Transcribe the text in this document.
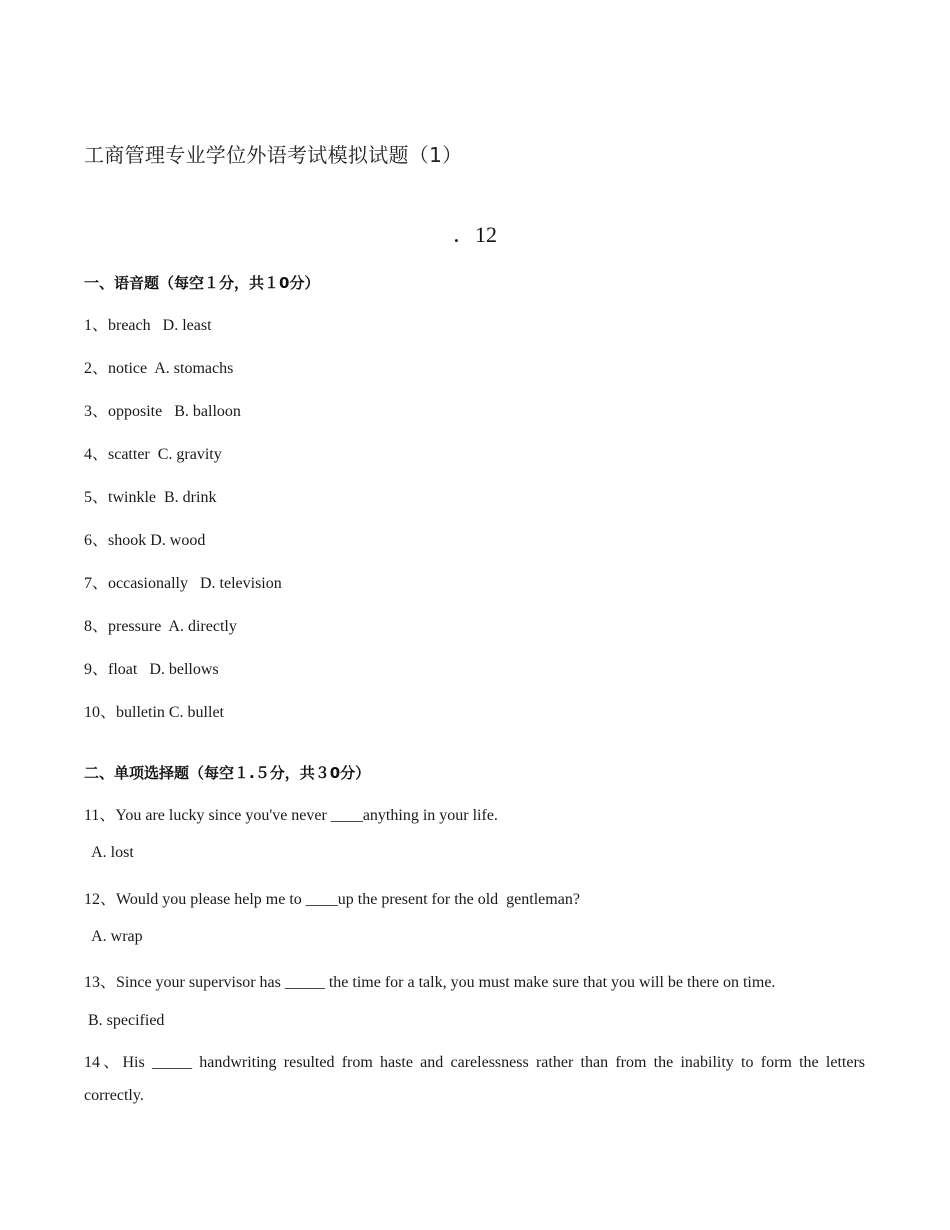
工商管理专业学位外语考试模拟试题（1）
．12
一、语音题（每空１分，共１0分）
1、breach   D. least
2、notice  A. stomachs
3、opposite   B. balloon
4、scatter  C. gravity
5、twinkle  B. drink
6、shook D. wood
7、occasionally   D. television
8、pressure  A. directly
9、float   D. bellows
10、bulletin C. bullet
二、单项选择题（每空１.５分，共３0分）
11、You are lucky since you've never ____anything in your life.
A. lost
12、Would you please help me to ____up the present for the old  gentleman?
A. wrap
13、Since your supervisor has _____ the time for a talk, you must make sure that you will be there on time.
B. specified
14、His _____ handwriting resulted from haste and carelessness rather than from the inability to form the letters correctly.
